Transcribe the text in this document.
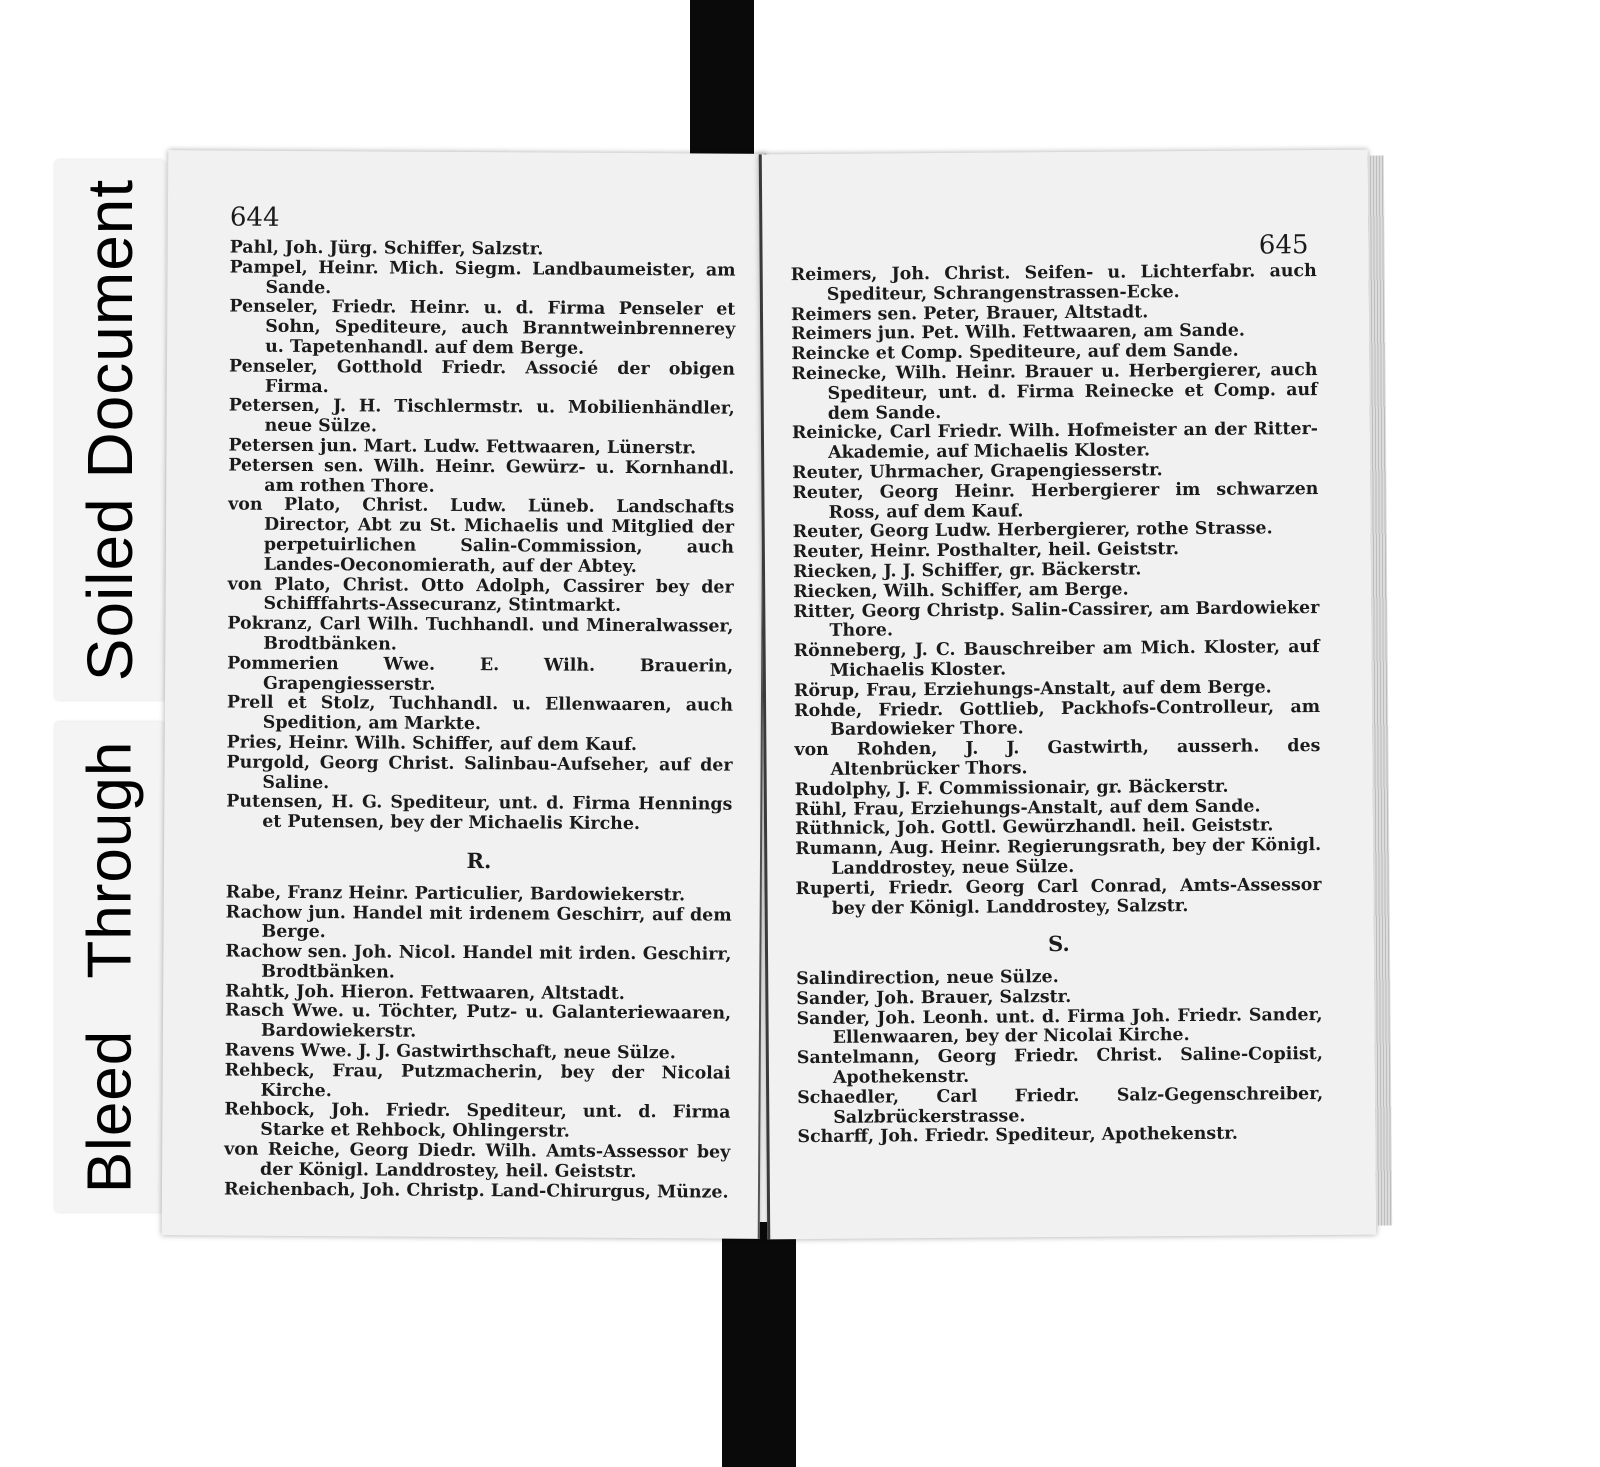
Soiled Document
Bleed Through
644

Pahl, Joh. Jürg. Schiffer, Salzstr.

Pampel, Heinr. Mich. Siegm. Landbaumeister, am Sande.

Penseler, Friedr. Heinr. u. d. Firma Penseler et Sohn, Spediteure, auch Branntweinbrennerey u. Tapetenhandl. auf dem Berge.

Penseler, Gotthold Friedr. Associé der obigen Firma.

Petersen, J. H. Tischlermstr. u. Mobilienhändler, neue Sülze.

Petersen jun. Mart. Ludw. Fettwaaren, Lünerstr.

Petersen sen. Wilh. Heinr. Gewürz- u. Kornhandl. am rothen Thore.

von Plato, Christ. Ludw. Lüneb. Landschafts Director, Abt zu St. Michaelis und Mitglied der perpetuirlichen Salin-Commission, auch Landes-Oeconomierath, auf der Abtey.

von Plato, Christ. Otto Adolph, Cassirer bey der Schifffahrts-Assecuranz, Stintmarkt.

Pokranz, Carl Wilh. Tuchhandl. und Mineralwasser, Brodtbänken.

Pommerien Wwe. E. Wilh. Brauerin, Grapengiesserstr.

Prell et Stolz, Tuchhandl. u. Ellenwaaren, auch Spedition, am Markte.

Pries, Heinr. Wilh. Schiffer, auf dem Kauf.

Purgold, Georg Christ. Salinbau-Aufseher, auf der Saline.

Putensen, H. G. Spediteur, unt. d. Firma Hennings et Putensen, bey der Michaelis Kirche.

R.

Rabe, Franz Heinr. Particulier, Bardowiekerstr.

Rachow jun. Handel mit irdenem Geschirr, auf dem Berge.

Rachow sen. Joh. Nicol. Handel mit irden. Geschirr, Brodtbänken.

Rahtk, Joh. Hieron. Fettwaaren, Altstadt.

Rasch Wwe. u. Töchter, Putz- u. Galanteriewaaren, Bardowiekerstr.

Ravens Wwe. J. J. Gastwirthschaft, neue Sülze.

Rehbeck, Frau, Putzmacherin, bey der Nicolai Kirche.

Rehbock, Joh. Friedr. Spediteur, unt. d. Firma Starke et Rehbock, Ohlingerstr.

von Reiche, Georg Diedr. Wilh. Amts-Assessor bey der Königl. Landdrostey, heil. Geiststr.

Reichenbach, Joh. Christp. Land-Chirurgus, Münze.

645

Reimers, Joh. Christ. Seifen- u. Lichterfabr. auch Spediteur, Schrangenstrassen-Ecke.

Reimers sen. Peter, Brauer, Altstadt.

Reimers jun. Pet. Wilh. Fettwaaren, am Sande.

Reincke et Comp. Spediteure, auf dem Sande.

Reinecke, Wilh. Heinr. Brauer u. Herbergierer, auch Spediteur, unt. d. Firma Reinecke et Comp. auf dem Sande.

Reinicke, Carl Friedr. Wilh. Hofmeister an der Ritter-Akademie, auf Michaelis Kloster.

Reuter, Uhrmacher, Grapengiesserstr.

Reuter, Georg Heinr. Herbergierer im schwarzen Ross, auf dem Kauf.

Reuter, Georg Ludw. Herbergierer, rothe Strasse.

Reuter, Heinr. Posthalter, heil. Geiststr.

Riecken, J. J. Schiffer, gr. Bäckerstr.

Riecken, Wilh. Schiffer, am Berge.

Ritter, Georg Christp. Salin-Cassirer, am Bardowieker Thore.

Rönneberg, J. C. Bauschreiber am Mich. Kloster, auf Michaelis Kloster.

Rörup, Frau, Erziehungs-Anstalt, auf dem Berge.

Rohde, Friedr. Gottlieb, Packhofs-Controlleur, am Bardowieker Thore.

von Rohden, J. J. Gastwirth, ausserh. des Altenbrücker Thors.

Rudolphy, J. F. Commissionair, gr. Bäckerstr.

Rühl, Frau, Erziehungs-Anstalt, auf dem Sande.

Rüthnick, Joh. Gottl. Gewürzhandl. heil. Geiststr.

Rumann, Aug. Heinr. Regierungsrath, bey der Königl. Landdrostey, neue Sülze.

Ruperti, Friedr. Georg Carl Conrad, Amts-Assessor bey der Königl. Landdrostey, Salzstr.

S.

Salindirection, neue Sülze.

Sander, Joh. Brauer, Salzstr.

Sander, Joh. Leonh. unt. d. Firma Joh. Friedr. Sander, Ellenwaaren, bey der Nicolai Kirche.

Santelmann, Georg Friedr. Christ. Saline-Copiist, Apothekenstr.

Schaedler, Carl Friedr. Salz-Gegenschreiber, Salzbrückerstrasse.

Scharff, Joh. Friedr. Spediteur, Apothekenstr.
